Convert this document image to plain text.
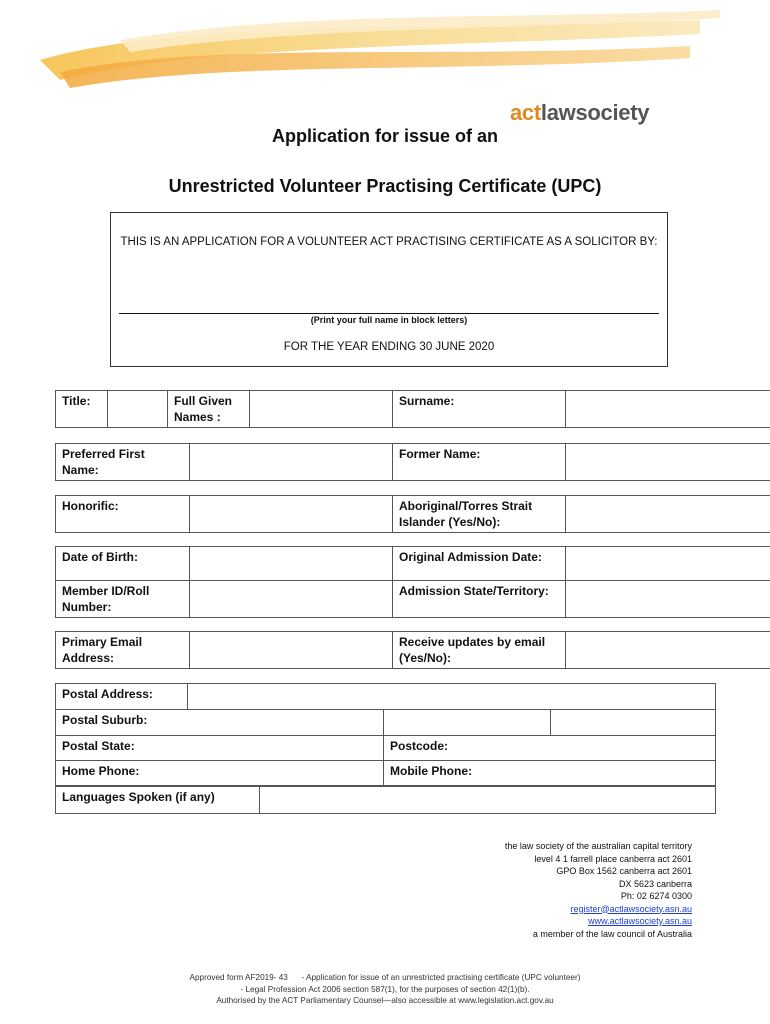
actlawsociety
Application for issue of an
Unrestricted Volunteer Practising Certificate (UPC)
THIS IS AN APPLICATION FOR A VOLUNTEER ACT PRACTISING CERTIFICATE AS A SOLICITOR BY:
(Print your full name in block letters)
FOR THE YEAR ENDING 30 JUNE 2020
Title:		Full Given Names :		Surname:	
Preferred First Name:		Former Name:	
Honorific:		Aboriginal/Torres Strait Islander (Yes/No):	
Date of Birth:		Original Admission Date:	
Member ID/Roll Number:		Admission State/Territory:	
Primary Email Address:		Receive updates by email (Yes/No):	
Postal Address:			
Postal Suburb:			
Postal State:		Postcode:	
Home Phone:		Mobile Phone:	
Languages Spoken (if any)	
the law society of the australian capital territory
level 4 1 farrell place canberra act 2601
GPO Box 1562 canberra act 2601
DX 5623 canberra
Ph: 02 6274 0300
register@actlawsociety.asn.au
www.actlawsociety.asn.au
a member of the law council of Australia
Approved form AF2019- 43      - Application for issue of an unrestricted practising certificate (UPC volunteer)
- Legal Profession Act 2006 section 587(1), for the purposes of section 42(1)(b).
Authorised by the ACT Parliamentary Counsel—also accessible at www.legislation.act.gov.au
